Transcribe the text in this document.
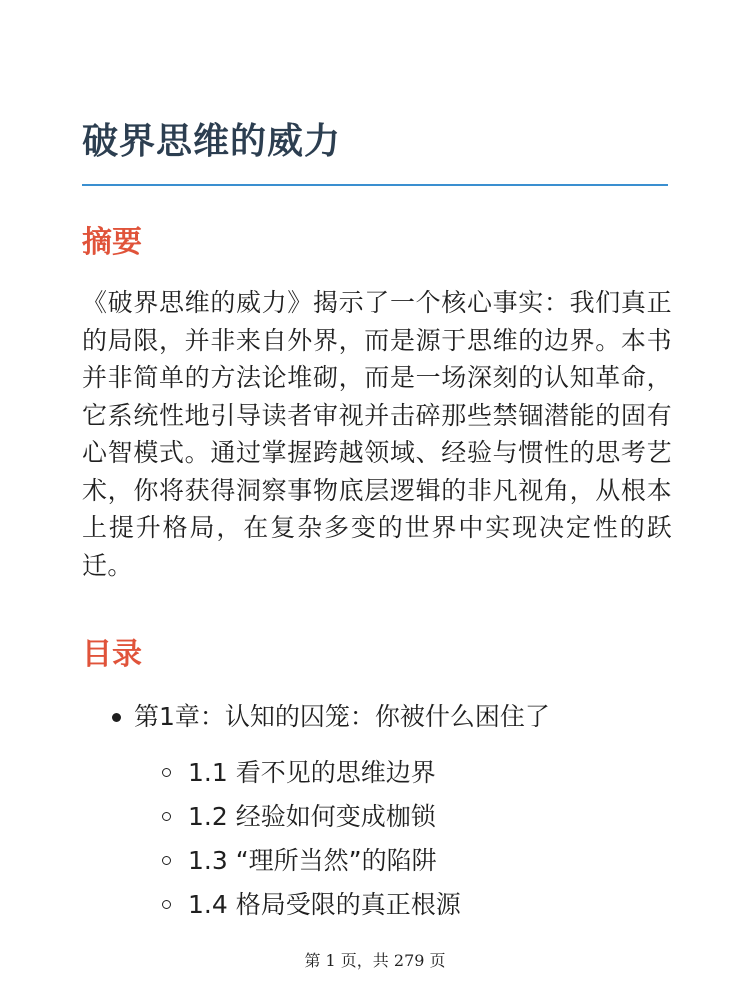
破界思维的威力
摘要

《破界思维的威力》揭示了一个核心事实：我们真正的局限，并非来自外界，而是源于思维的边界。本书并非简单的方法论堆砌，而是一场深刻的认知革命，它系统性地引导读者审视并击碎那些禁锢潜能的固有心智模式。通过掌握跨越领域、经验与惯性的思考艺术，你将获得洞察事物底层逻辑的非凡视角，从根本上提升格局，在复杂多变的世界中实现决定性的跃迁。

目录
第1章：认知的囚笼：你被什么困住了
1.1 看不见的思维边界
1.2 经验如何变成枷锁
1.3 “理所当然”的陷阱
1.4 格局受限的真正根源
第 1 页，共 279 页
